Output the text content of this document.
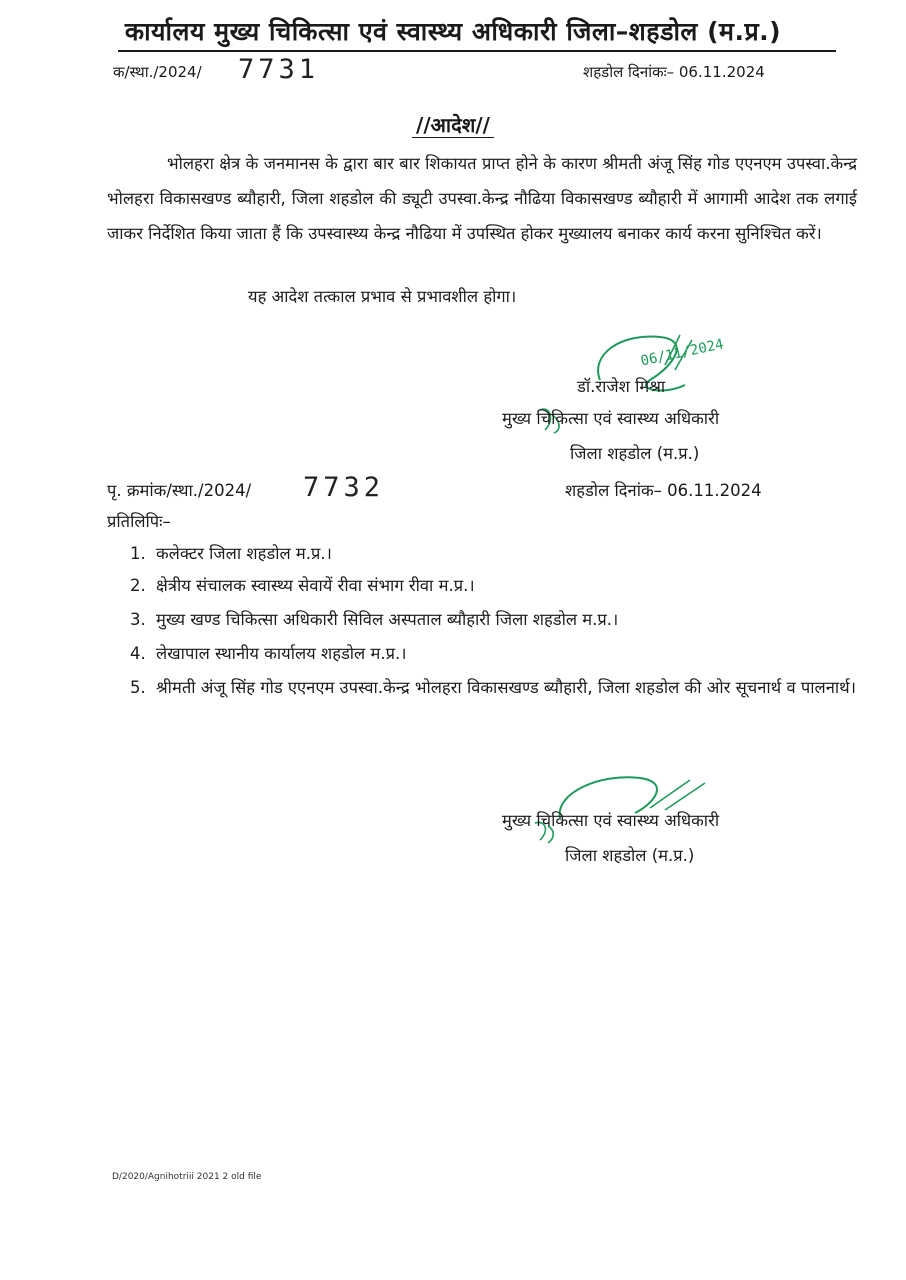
कार्यालय मुख्य चिकित्सा एवं स्वास्थ्य अधिकारी जिला–शहडोल (म.प्र.)
क/स्था./2024/ 7731	शहडोल दिनांकः– 06.11.2024
//आदेश//
भोलहरा क्षेत्र के जनमानस के द्वारा बार बार शिकायत प्राप्त होने के कारण श्रीमती अंजू सिंह गोड एएनएम उपस्वा.केन्द्र भोलहरा विकासखण्ड ब्यौहारी, जिला शहडोल की ड्यूटी उपस्वा.केन्द्र नौढिया विकासखण्ड ब्यौहारी में आगामी आदेश तक लगाई जाकर निर्देशित किया जाता हैं कि उपस्वास्थ्य केन्द्र नौढिया में उपस्थित होकर मुख्यालय बनाकर कार्य करना सुनिश्चित करें।
यह आदेश तत्काल प्रभाव से प्रभावशील होगा।
06/11/2024
डॉ.राजेश मिश्रा
मुख्य चिकित्सा एवं स्वास्थ्य अधिकारी
जिला शहडोल (म.प्र.)
पृ. क्रमांक/स्था./2024/ 7732	शहडोल दिनांक– 06.11.2024
प्रतिलिपिः–
1. कलेक्टर जिला शहडोल म.प्र.।
2. क्षेत्रीय संचालक स्वास्थ्य सेवायें रीवा संभाग रीवा म.प्र.।
3. मुख्य खण्ड चिकित्सा अधिकारी सिविल अस्पताल ब्यौहारी जिला शहडोल म.प्र.।
4. लेखापाल स्थानीय कार्यालय शहडोल म.प्र.।
5. श्रीमती अंजू सिंह गोड एएनएम उपस्वा.केन्द्र भोलहरा विकासखण्ड ब्यौहारी, जिला शहडोल की ओर सूचनार्थ व पालनार्थ।
मुख्य चिकित्सा एवं स्वास्थ्य अधिकारी
जिला शहडोल (म.प्र.)
D/2020/Agnihotriii 2021 2 old file
